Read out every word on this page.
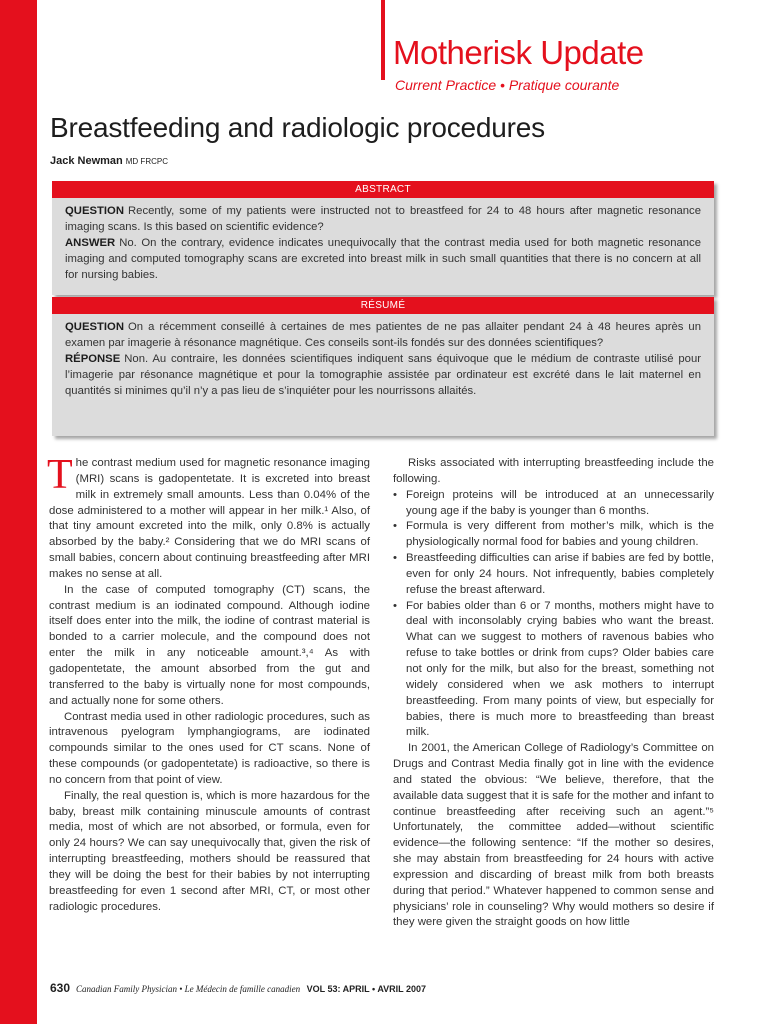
Motherisk Update
Current Practice • Pratique courante
Breastfeeding and radiologic procedures
Jack Newman MD FRCPC
ABSTRACT

QUESTION Recently, some of my patients were instructed not to breastfeed for 24 to 48 hours after magnetic resonance imaging scans. Is this based on scientific evidence?

ANSWER No. On the contrary, evidence indicates unequivocally that the contrast media used for both magnetic resonance imaging and computed tomography scans are excreted into breast milk in such small quantities that there is no concern at all for nursing babies.

RÉSUMÉ

QUESTION On a récemment conseillé à certaines de mes patientes de ne pas allaiter pendant 24 à 48 heures après un examen par imagerie à résonance magnétique. Ces conseils sont-ils fondés sur des données scientifiques?

RÉPONSE Non. Au contraire, les données scientifiques indiquent sans équivoque que le médium de contraste utilisé pour l’imagerie par résonance magnétique et pour la tomographie assistée par ordinateur est excrété dans le lait maternel en quantités si minimes qu’il n’y a pas lieu de s’inquiéter pour les nourrissons allaités.

The contrast medium used for magnetic resonance imaging (MRI) scans is gadopentetate. It is excreted into breast milk in extremely small amounts. Less than 0.04% of the dose administered to a mother will appear in her milk.¹ Also, of that tiny amount excreted into the milk, only 0.8% is actually absorbed by the baby.² Considering that we do MRI scans of small babies, concern about continuing breastfeeding after MRI makes no sense at all.

In the case of computed tomography (CT) scans, the contrast medium is an iodinated compound. Although iodine itself does enter into the milk, the iodine of contrast material is bonded to a carrier molecule, and the compound does not enter the milk in any noticeable amount.³,⁴ As with gadopentetate, the amount absorbed from the gut and transferred to the baby is virtually none for most compounds, and actually none for some others.

Contrast media used in other radiologic procedures, such as intravenous pyelogram lymphangiograms, are iodinated compounds similar to the ones used for CT scans. None of these compounds (or gadopentetate) is radioactive, so there is no concern from that point of view.

Finally, the real question is, which is more hazardous for the baby, breast milk containing minuscule amounts of contrast media, most of which are not absorbed, or formula, even for only 24 hours? We can say unequivocally that, given the risk of interrupting breastfeeding, mothers should be reassured that they will be doing the best for their babies by not interrupting breastfeeding for even 1 second after MRI, CT, or most other radiologic procedures.

Risks associated with interrupting breastfeeding include the following.

• Foreign proteins will be introduced at an unnecessarily young age if the baby is younger than 6 months.
• Formula is very different from mother’s milk, which is the physiologically normal food for babies and young children.
• Breastfeeding difficulties can arise if babies are fed by bottle, even for only 24 hours. Not infrequently, babies completely refuse the breast afterward.
• For babies older than 6 or 7 months, mothers might have to deal with inconsolably crying babies who want the breast. What can we suggest to mothers of ravenous babies who refuse to take bottles or drink from cups? Older babies care not only for the milk, but also for the breast, something not widely considered when we ask mothers to interrupt breastfeeding. From many points of view, but especially for babies, there is much more to breastfeeding than breast milk.

In 2001, the American College of Radiology’s Committee on Drugs and Contrast Media finally got in line with the evidence and stated the obvious: “We believe, therefore, that the available data suggest that it is safe for the mother and infant to continue breastfeeding after receiving such an agent.”⁵ Unfortunately, the committee added—without scientific evidence—the following sentence: “If the mother so desires, she may abstain from breastfeeding for 24 hours with active expression and discarding of breast milk from both breasts during that period.” Whatever happened to common sense and physicians’ role in counseling? Why would mothers so desire if they were given the straight goods on how little

630 Canadian Family Physician • Le Médecin de famille canadien VOL 53: APRIL • AVRIL 2007
